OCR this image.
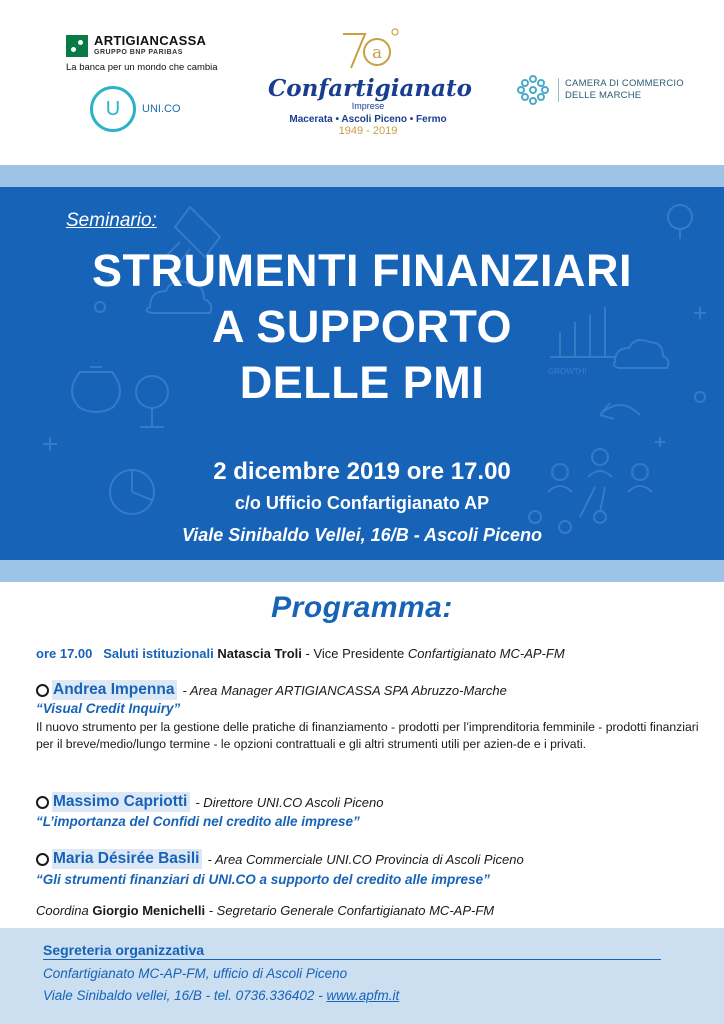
ARTIGIANCASSA
GRUPPO BNP PARIBAS
La banca per un mondo che cambia
U	UNI.CO
a
Confartigianato
Imprese
Macerata • Ascoli Piceno • Fermo
1949 - 2019
CAMERA DI COMMERCIO
DELLE MARCHE
GROWTH!
Seminario:
STRUMENTI FINANZIARI
A SUPPORTO
DELLE PMI
2 dicembre 2019 ore 17.00
c/o Ufficio Confartigianato AP
Viale Sinibaldo Vellei, 16/B - Ascoli Piceno
Programma:
ore 17.00 Saluti istituzionali Natascia Troli - Vice Presidente Confartigianato MC-AP-FM
Andrea Impenna - Area Manager ARTIGIANCASSA SPA Abruzzo-Marche
“Visual Credit Inquiry”
Il nuovo strumento per la gestione delle pratiche di finanziamento - prodotti per l’imprenditoria femminile - prodotti finanziari per il breve/medio/lungo termine - le opzioni contrattuali e gli altri strumenti utili per azien-de e i privati.
Massimo Capriotti - Direttore UNI.CO Ascoli Piceno
“L’importanza del Confidi nel credito alle imprese”
Maria Désirée Basili - Area Commerciale UNI.CO Provincia di Ascoli Piceno
“Gli strumenti finanziari di UNI.CO a supporto del credito alle imprese”
Coordina Giorgio Menichelli - Segretario Generale Confartigianato MC-AP-FM
Segreteria organizzativa
Confartigianato MC-AP-FM, ufficio di Ascoli Piceno
Viale Sinibaldo vellei, 16/B - tel. 0736.336402 - www.apfm.it
